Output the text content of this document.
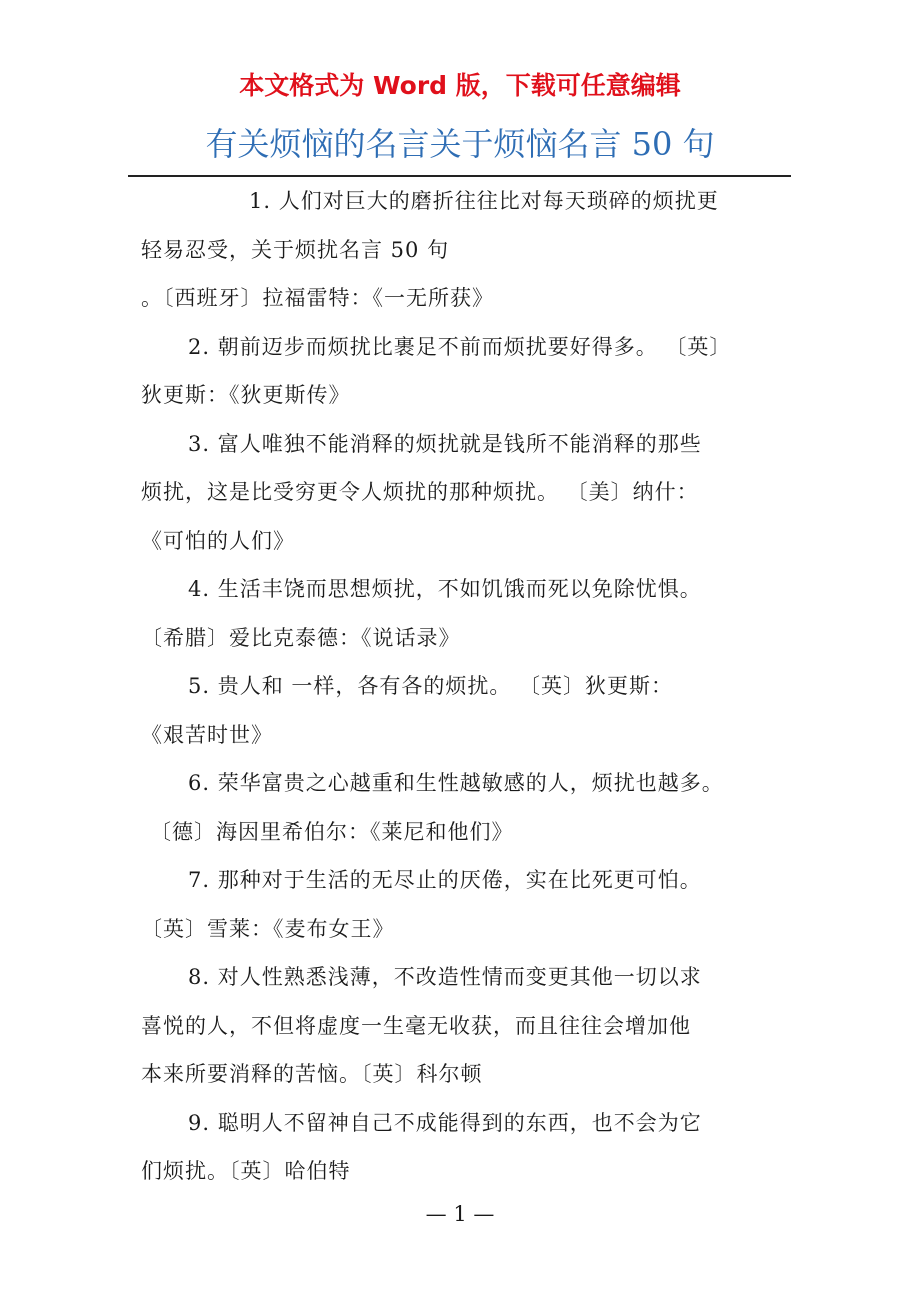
本文格式为 Word 版，下载可任意编辑
有关烦恼的名言关于烦恼名言 50 句
1. 人们对巨大的磨折往往比对每天琐碎的烦扰更
轻易忍受，关于烦扰名言 50 句
。〔西班牙〕拉福雷特：《一无所获》
2. 朝前迈步而烦扰比裹足不前而烦扰要好得多。 〔英〕
狄更斯：《狄更斯传》
3. 富人唯独不能消释的烦扰就是钱所不能消释的那些
烦扰，这是比受穷更令人烦扰的那种烦扰。 〔美〕纳什：
《可怕的人们》
4. 生活丰饶而思想烦扰，不如饥饿而死以免除忧惧。
〔希腊〕爱比克泰德：《说话录》
5. 贵人和 一样，各有各的烦扰。 〔英〕狄更斯：
《艰苦时世》
6. 荣华富贵之心越重和生性越敏感的人，烦扰也越多。
〔德〕海因里希伯尔：《莱尼和他们》
7. 那种对于生活的无尽止的厌倦，实在比死更可怕。
〔英〕雪莱：《麦布女王》
8. 对人性熟悉浅薄，不改造性情而变更其他一切以求
喜悦的人，不但将虚度一生毫无收获，而且往往会增加他
本来所要消释的苦恼。〔英〕科尔顿
9. 聪明人不留神自己不成能得到的东西，也不会为它
们烦扰。〔英〕哈伯特
— 1 —
